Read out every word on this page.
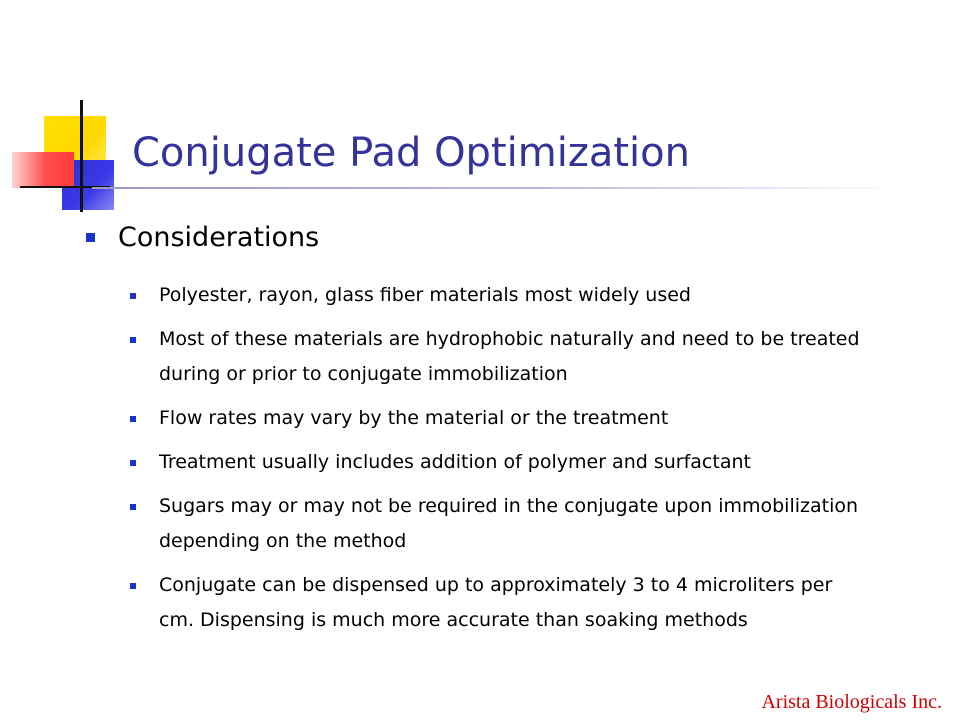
Conjugate Pad Optimization
Considerations
Polyester, rayon, glass fiber materials most widely used
Most of these materials are hydrophobic naturally and need to be treated during or prior to conjugate immobilization
Flow rates may vary by the material or the treatment
Treatment usually includes addition of polymer and surfactant
Sugars may or may not be required in the conjugate upon immobilization depending on the method
Conjugate can be dispensed up to approximately 3 to 4 microliters per cm. Dispensing is much more accurate than soaking methods
Arista Biologicals Inc.
